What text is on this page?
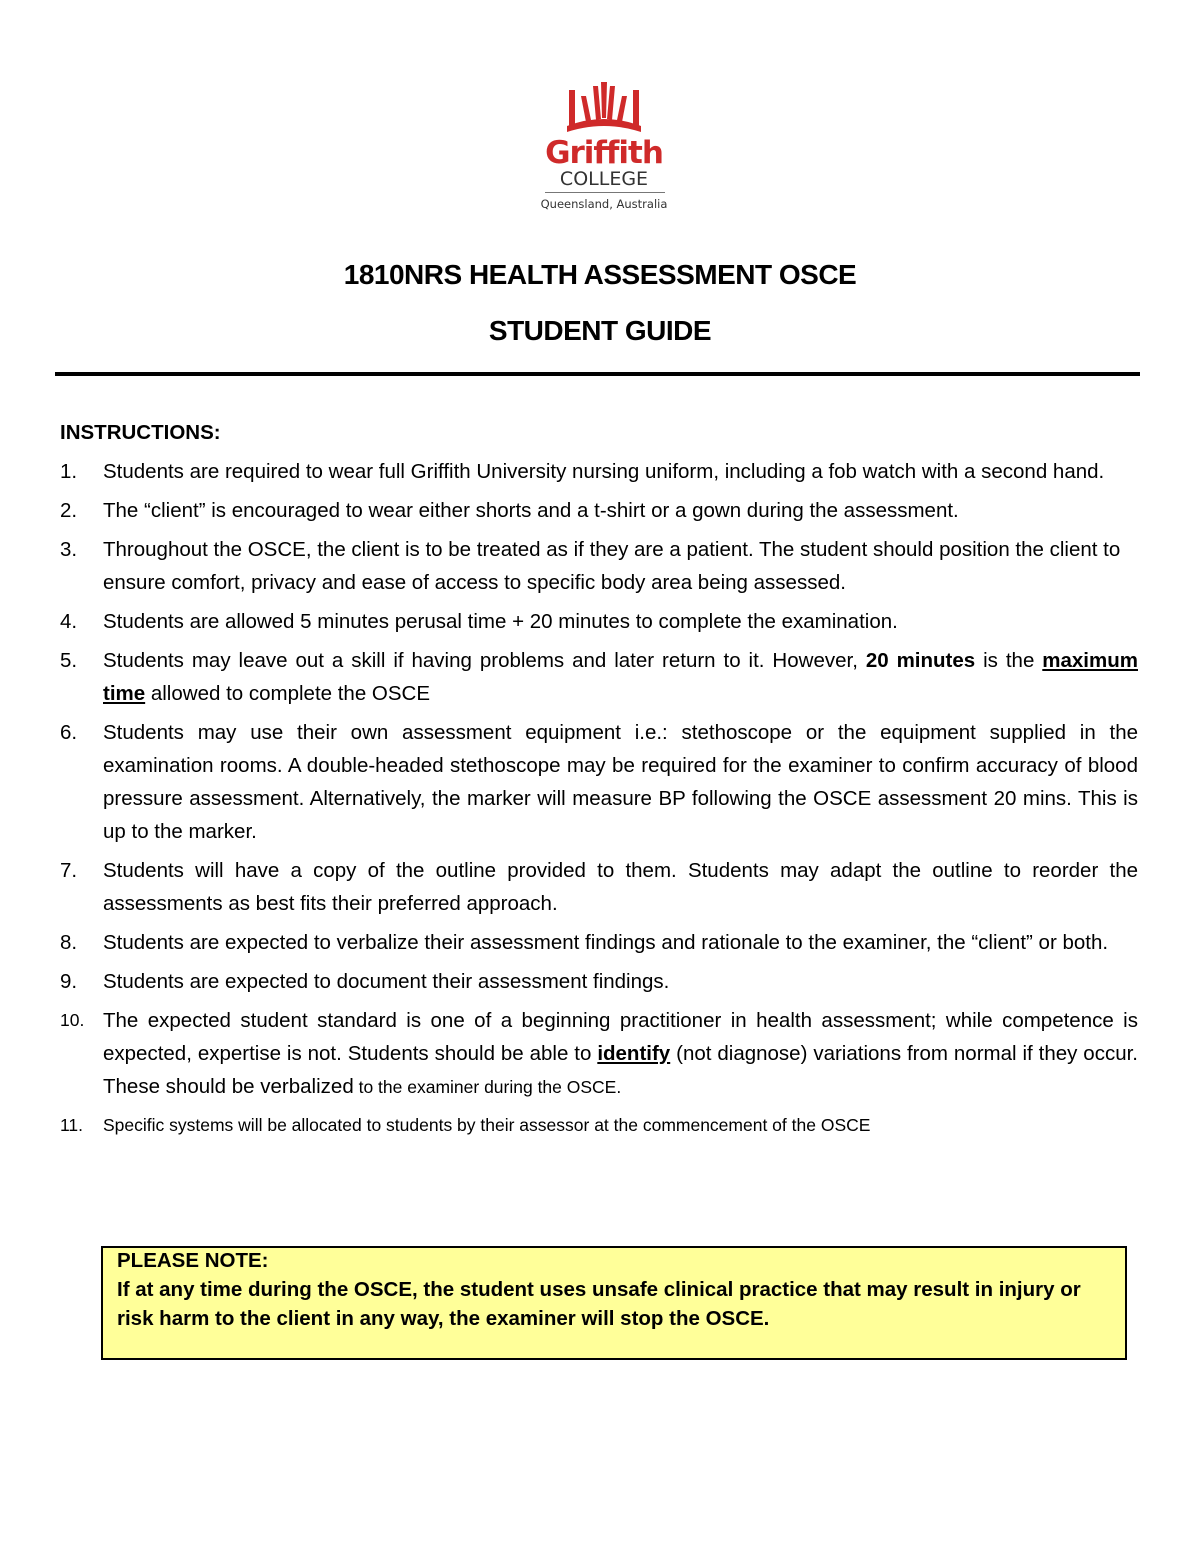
Griffith
COLLEGE
Queensland, Australia
1810NRS HEALTH ASSESSMENT OSCE
STUDENT GUIDE
INSTRUCTIONS:
1. Students are required to wear full Griffith University nursing uniform, including a fob watch with a second hand.
2. The “client” is encouraged to wear either shorts and a t-shirt or a gown during the assessment.
3. Throughout the OSCE, the client is to be treated as if they are a patient. The student should position the client to ensure comfort, privacy and ease of access to specific body area being assessed.
4. Students are allowed 5 minutes perusal time + 20 minutes to complete the examination.
5. Students may leave out a skill if having problems and later return to it. However, 20 minutes is the maximum time allowed to complete the OSCE
6. Students may use their own assessment equipment i.e.: stethoscope or the equipment supplied in the examination rooms. A double-headed stethoscope may be required for the examiner to confirm accuracy of blood pressure assessment. Alternatively, the marker will measure BP following the OSCE assessment 20 mins. This is up to the marker.
7. Students will have a copy of the outline provided to them. Students may adapt the outline to reorder the assessments as best fits their preferred approach.
8. Students are expected to verbalize their assessment findings and rationale to the examiner, the “client” or both.
9. Students are expected to document their assessment findings.
10. The expected student standard is one of a beginning practitioner in health assessment; while competence is expected, expertise is not. Students should be able to identify (not diagnose) variations from normal if they occur. These should be verbalized to the examiner during the OSCE.
11. Specific systems will be allocated to students by their assessor at the commencement of the OSCE
PLEASE NOTE:
If at any time during the OSCE, the student uses unsafe clinical practice that may result in injury or risk harm to the client in any way, the examiner will stop the OSCE.
